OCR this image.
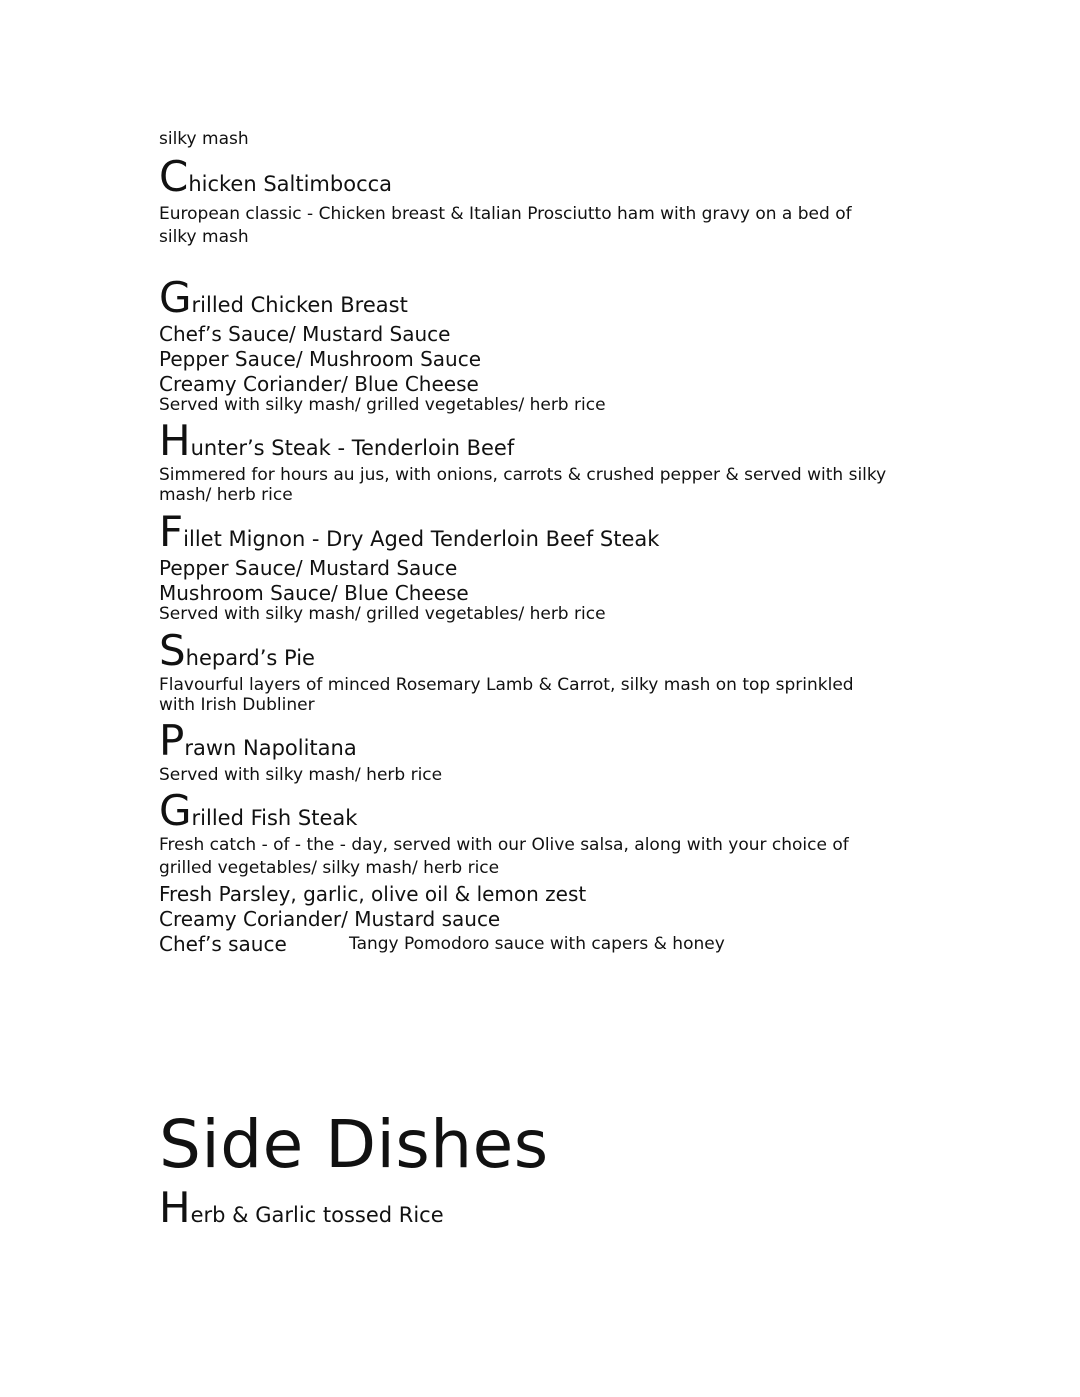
silky mash
C hicken Saltimbocca
European classic - Chicken breast & Italian Prosciutto ham with gravy on a bed of
silky mash
G rilled Chicken Breast
Chef’s Sauce/ Mustard Sauce
Pepper Sauce/ Mushroom Sauce
Creamy Coriander/ Blue Cheese
Served with silky mash/ grilled vegetables/ herb rice
H unter’s Steak - Tenderloin Beef
Simmered for hours au jus, with onions, carrots & crushed pepper & served with silky
mash/ herb rice
F illet Mignon - Dry Aged Tenderloin Beef Steak
Pepper Sauce/ Mustard Sauce
Mushroom Sauce/ Blue Cheese
Served with silky mash/ grilled vegetables/ herb rice
S hepard’s Pie
Flavourful layers of minced Rosemary Lamb & Carrot, silky mash on top sprinkled
with Irish Dubliner
P rawn Napolitana
Served with silky mash/ herb rice
G rilled Fish Steak
Fresh catch - of - the - day, served with our Olive salsa, along with your choice of
grilled vegetables/ silky mash/ herb rice
Fresh Parsley, garlic, olive oil & lemon zest
Creamy Coriander/ Mustard sauce
Chef’s sauce	Tangy Pomodoro sauce with capers & honey
Side Dishes
H erb & Garlic tossed Rice
